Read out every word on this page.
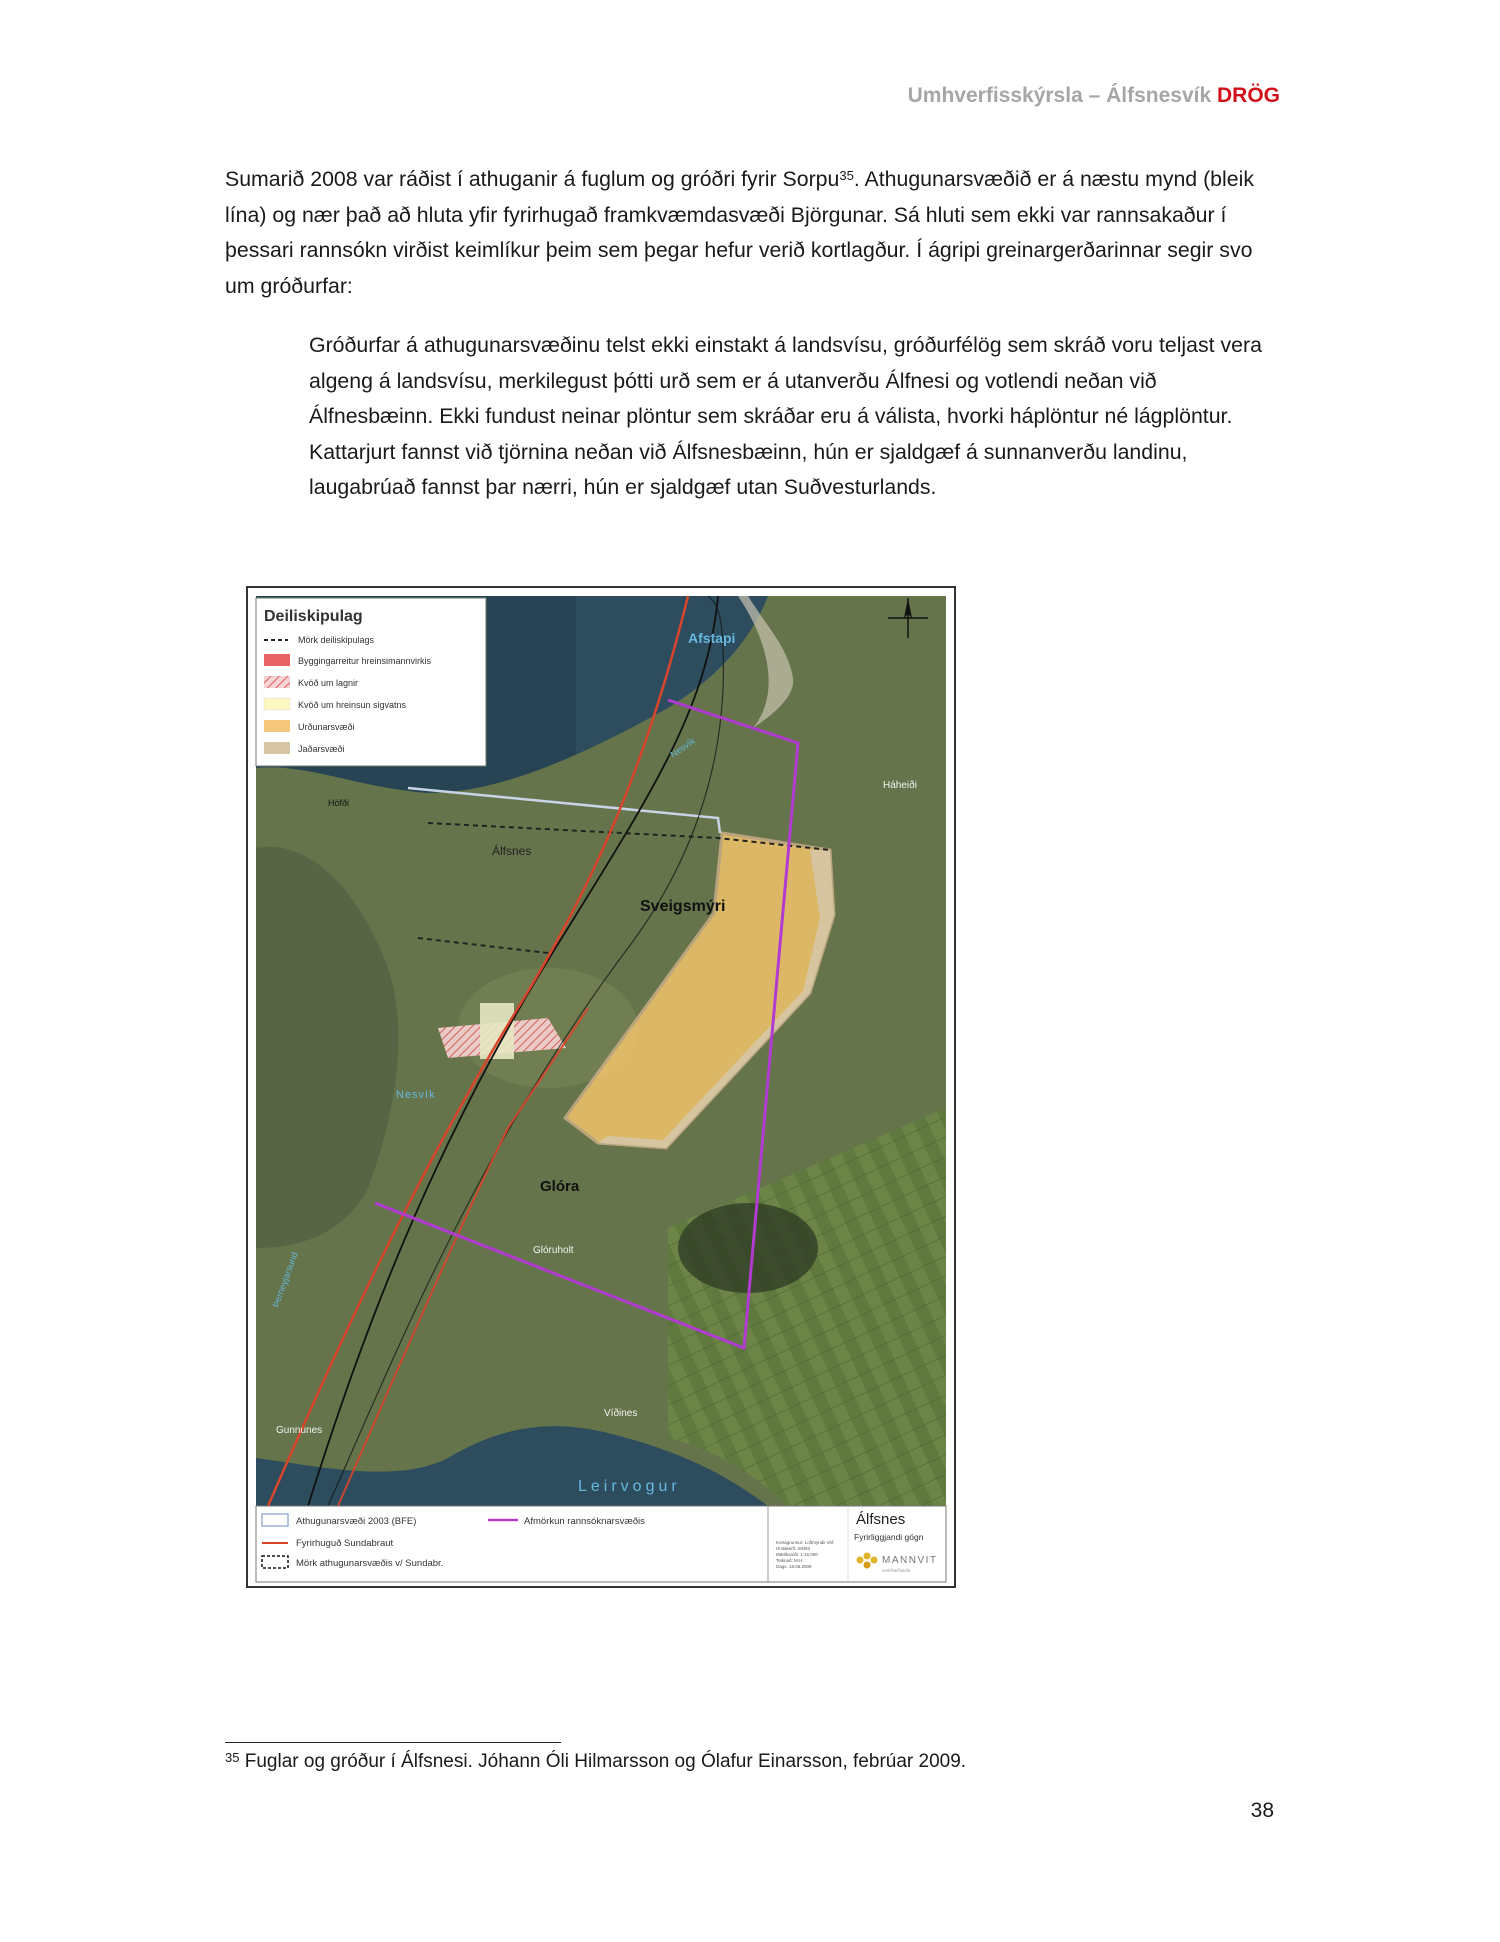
Umhverfisskýrsla – Álfsnesvík DRÖG

Sumarið 2008 var ráðist í athuganir á fuglum og gróðri fyrir Sorpu$^{35}$. Athugunarsvæðið er á næstu mynd (bleik lína) og nær það að hluta yfir fyrirhugað framkvæmdasvæði Björgunar. Sá hluti sem ekki var rannsakaður í þessari rannsókn virðist keimlíkur þeim sem þegar hefur verið kortlagður. Í ágripi greinargerðarinnar segir svo um gróðurfar:

Gróðurfar á athugunarsvæðinu telst ekki einstakt á landsvísu, gróðurfélög sem skráð voru teljast vera algeng á landsvísu, merkilegust þótti urð sem er á utanverðu Álfnesi og votlendi neðan við Álfnesbæinn. Ekki fundust neinar plöntur sem skráðar eru á válista, hvorki háplöntur né lágplöntur. Kattarjurt fannst við tjörnina neðan við Álfsnesbæinn, hún er sjaldgæf á sunnanverðu landinu, laugabrúað fannst þar nærri, hún er sjaldgæf utan Suðvesturlands.

Afstapi
Nesvík
Háheiði
Höfði
Álfsnes
Sveigsmýri
Nesvík
Glóra
Glóruholt
Þerneyjarsund
Gunnunes
Víðines
Leirvogur
Deiliskipulag
Mörk deiliskipulags
Byggingarreitur hreinsimannvirkis
Kvöð um lagnir
Kvöð um hreinsun sigvatns
Urðunarsvæði
Jaðarsvæði
Athugunarsvæði 2003 (BFE)
Fyrirhuguð Sundabraut
Mörk athugunarsvæðis v/ Sundabr.
Afmörkun rannsóknarsvæðis	Álfsnes
Fyrirliggjandi gögn
Kortagrunnur: Loftmyndir ehf.
Hnitakerfi: ISN93
Mælikvarði: 1:16.000
Teiknað: M.H.
Dags. 18.06.2009
MANNVIT
verkfræðistofa
$^{35}$ Fuglar og gróður í Álfsnesi. Jóhann Óli Hilmarsson og Ólafur Einarsson, febrúar 2009.
38
